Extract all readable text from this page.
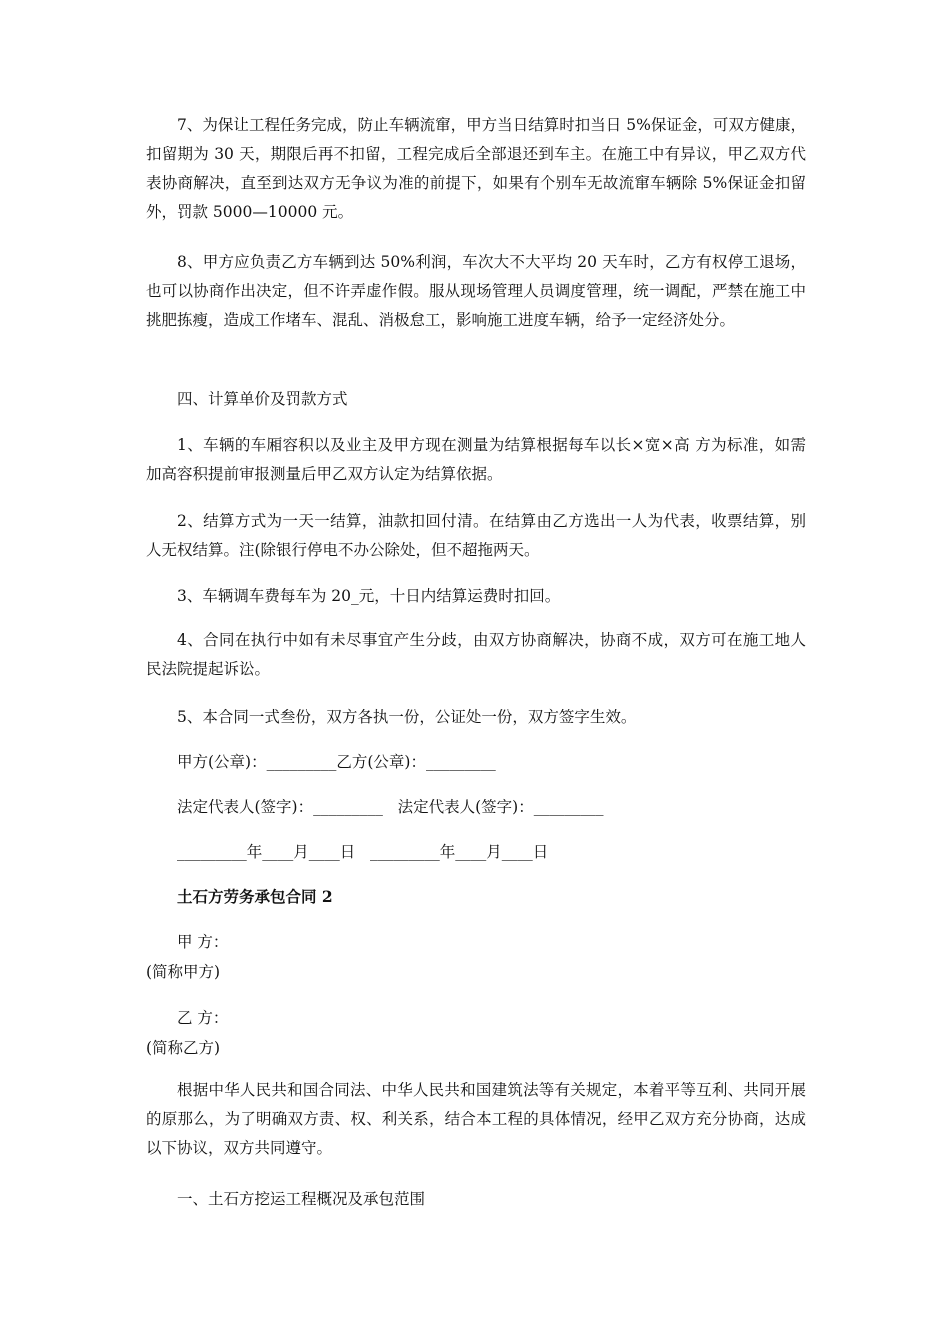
7、为保让工程任务完成，防止车辆流窜，甲方当日结算时扣当日 5%保证金，可双方健康，扣留期为 30 天，期限后再不扣留，工程完成后全部退还到车主。在施工中有异议，甲乙双方代表协商解决，直至到达双方无争议为准的前提下，如果有个别车无故流窜车辆除 5%保证金扣留外，罚款 5000—10000 元。

8、甲方应负责乙方车辆到达 50%利润，车次大不大平均 20 天车时，乙方有权停工退场，也可以协商作出决定，但不许弄虚作假。服从现场管理人员调度管理，统一调配，严禁在施工中挑肥拣瘦，造成工作堵车、混乱、消极怠工，影响施工进度车辆，给予一定经济处分。

四、计算单价及罚款方式

1、车辆的车厢容积以及业主及甲方现在测量为结算根据每车以长×宽×高 方为标准，如需加高容积提前审报测量后甲乙双方认定为结算依据。

2、结算方式为一天一结算，油款扣回付清。在结算由乙方选出一人为代表，收票结算，别人无权结算。注(除银行停电不办公除处，但不超拖两天。

3、车辆调车费每车为 20_元，十日内结算运费时扣回。

4、合同在执行中如有未尽事宜产生分歧，由双方协商解决，协商不成，双方可在施工地人民法院提起诉讼。

5、本合同一式叁份，双方各执一份，公证处一份，双方签字生效。

甲方(公章)：_________乙方(公章)：_________

法定代表人(签字)：_________   法定代表人(签字)：_________

_________年____月____日   _________年____月____日

土石方劳务承包合同 2

甲 方：

(简称甲方)

乙 方：

(简称乙方)

根据中华人民共和国合同法、中华人民共和国建筑法等有关规定，本着平等互利、共同开展的原那么，为了明确双方责、权、利关系，结合本工程的具体情况，经甲乙双方充分协商，达成以下协议，双方共同遵守。

一、土石方挖运工程概况及承包范围
